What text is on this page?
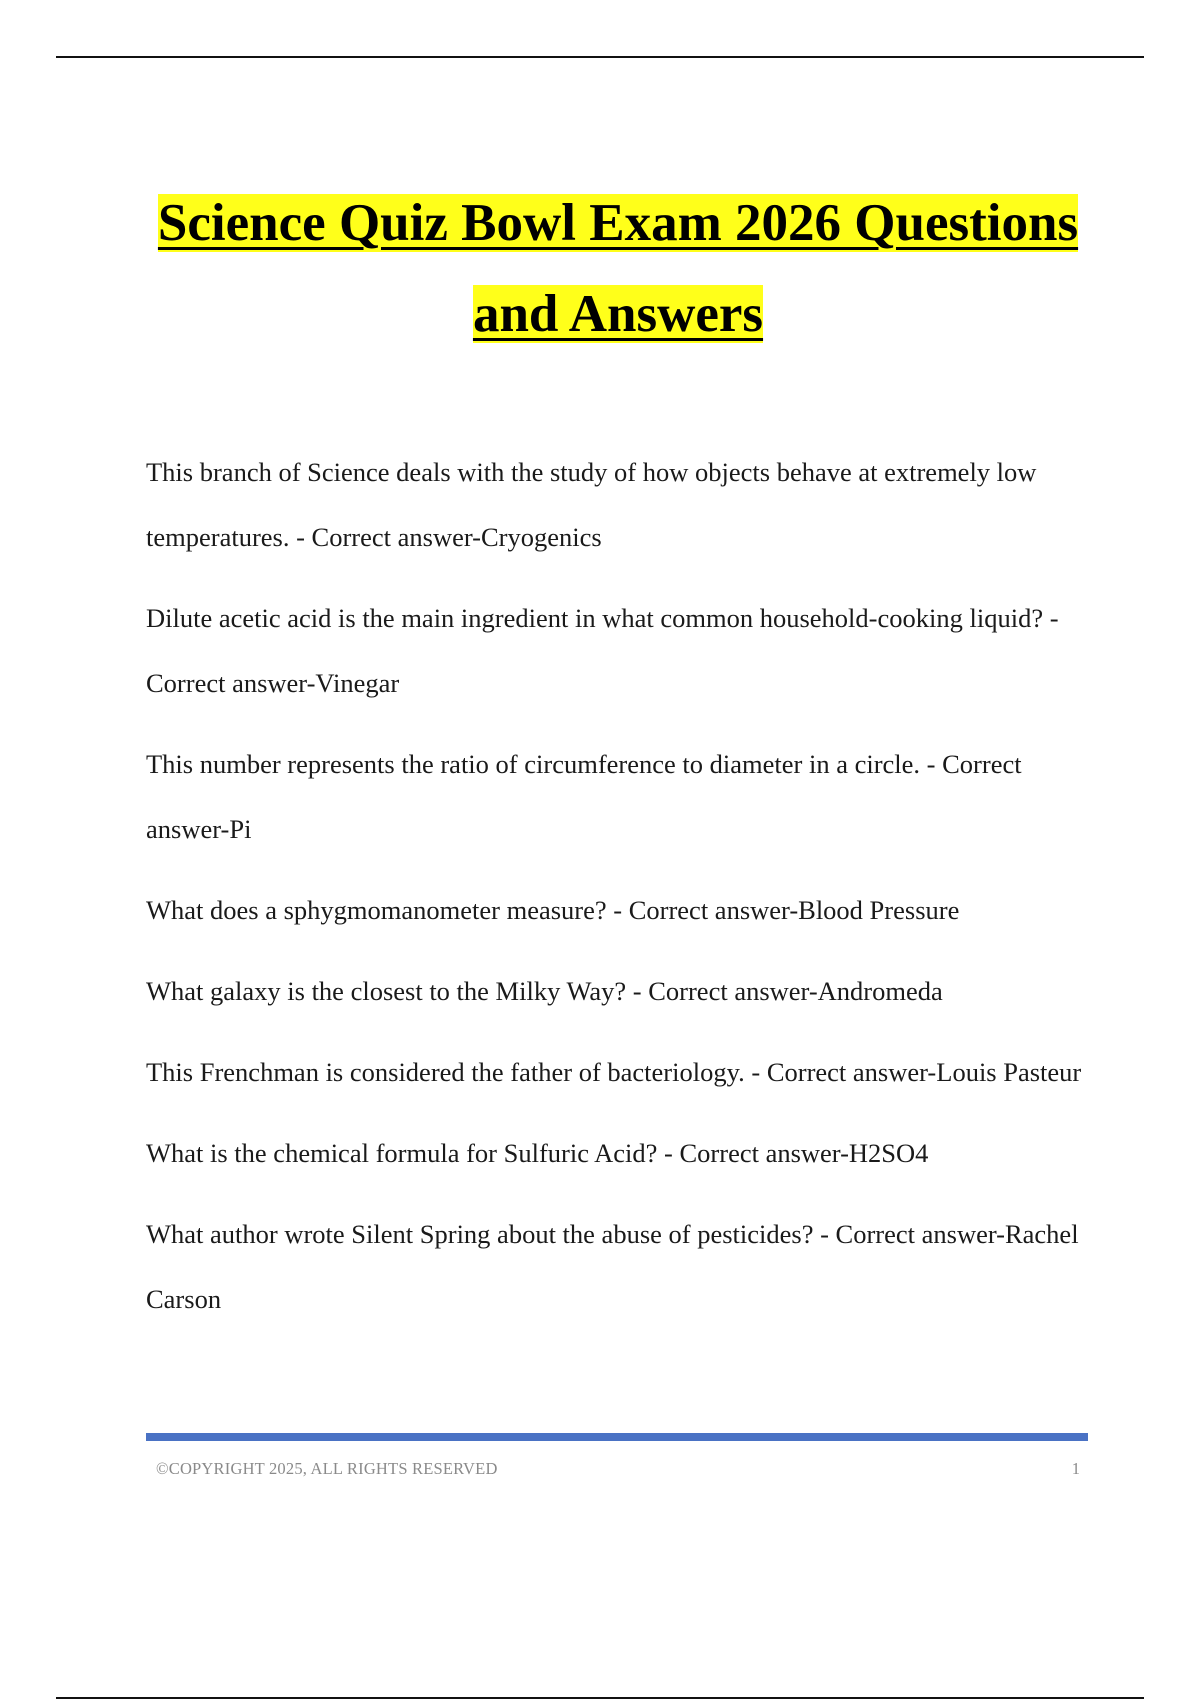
Science Quiz Bowl Exam 2026 Questions
and Answers

This branch of Science deals with the study of how objects behave at extremely low temperatures. - Correct answer-Cryogenics

Dilute acetic acid is the main ingredient in what common household-cooking liquid? - Correct answer-Vinegar

This number represents the ratio of circumference to diameter in a circle. - Correct answer-Pi

What does a sphygmomanometer measure? - Correct answer-Blood Pressure

What galaxy is the closest to the Milky Way? - Correct answer-Andromeda

This Frenchman is considered the father of bacteriology. - Correct answer-Louis Pasteur

What is the chemical formula for Sulfuric Acid? - Correct answer-H2SO4

What author wrote Silent Spring about the abuse of pesticides? - Correct answer-Rachel Carson

©COPYRIGHT 2025, ALL RIGHTS RESERVED	1
